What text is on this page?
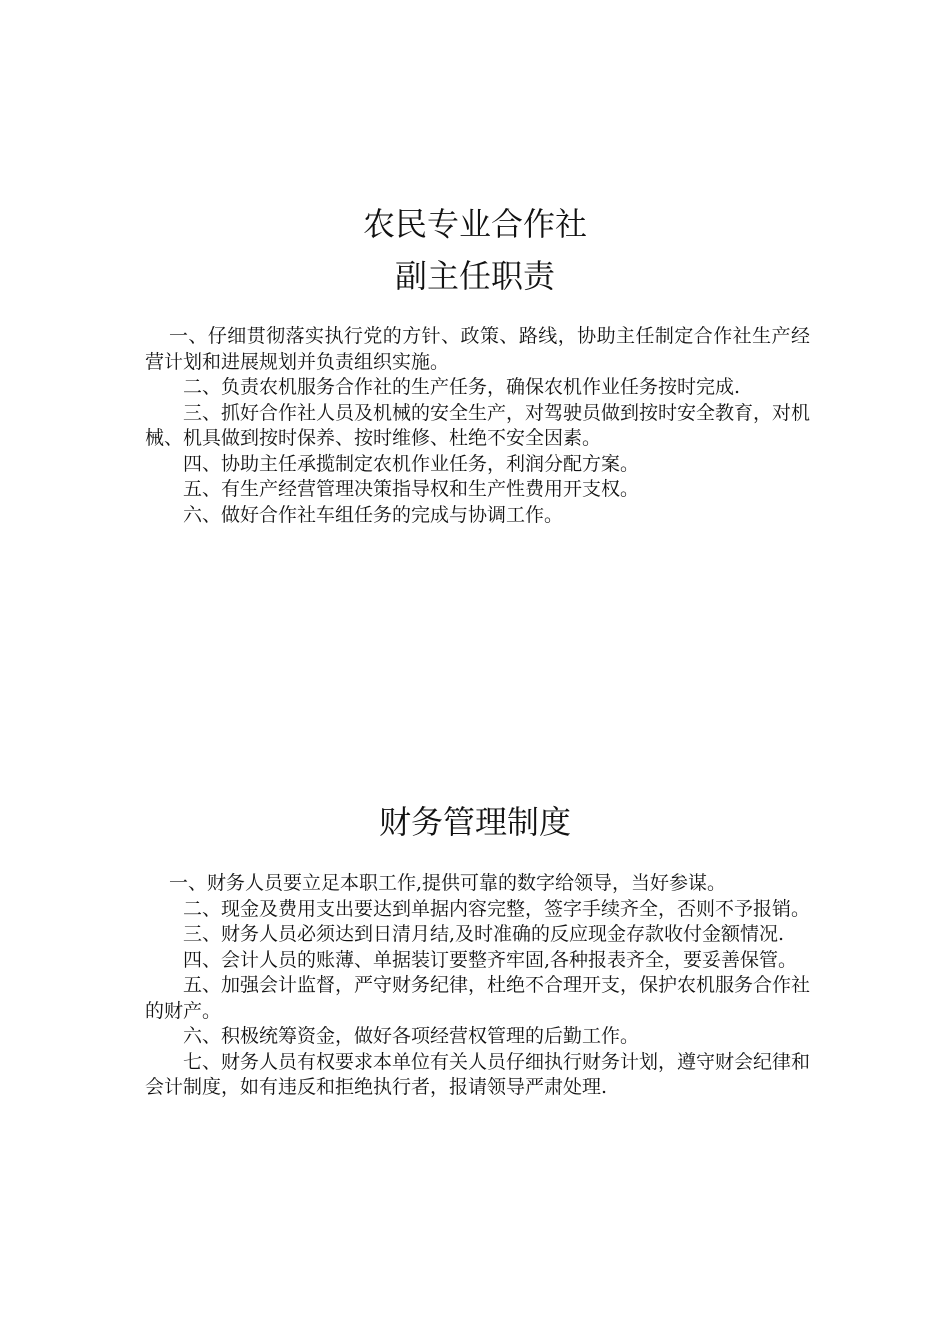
农民专业合作社
副主任职责

一、仔细贯彻落实执行党的方针、政策、路线，协助主任制定合作社生产经营计划和进展规划并负责组织实施。

二、负责农机服务合作社的生产任务，确保农机作业任务按时完成.

三、抓好合作社人员及机械的安全生产，对驾驶员做到按时安全教育，对机械、机具做到按时保养、按时维修、杜绝不安全因素。

四、协助主任承揽制定农机作业任务，利润分配方案。

五、有生产经营管理决策指导权和生产性费用开支权。

六、做好合作社车组任务的完成与协调工作。

财务管理制度

一、财务人员要立足本职工作,提供可靠的数字给领导，当好参谋。

二、现金及费用支出要达到单据内容完整，签字手续齐全，否则不予报销。

三、财务人员必须达到日清月结,及时准确的反应现金存款收付金额情况.

四、会计人员的账薄、单据装订要整齐牢固,各种报表齐全，要妥善保管。

五、加强会计监督，严守财务纪律，杜绝不合理开支，保护农机服务合作社的财产。

六、积极统筹资金，做好各项经营权管理的后勤工作。

七、财务人员有权要求本单位有关人员仔细执行财务计划，遵守财会纪律和会计制度，如有违反和拒绝执行者，报请领导严肃处理.
